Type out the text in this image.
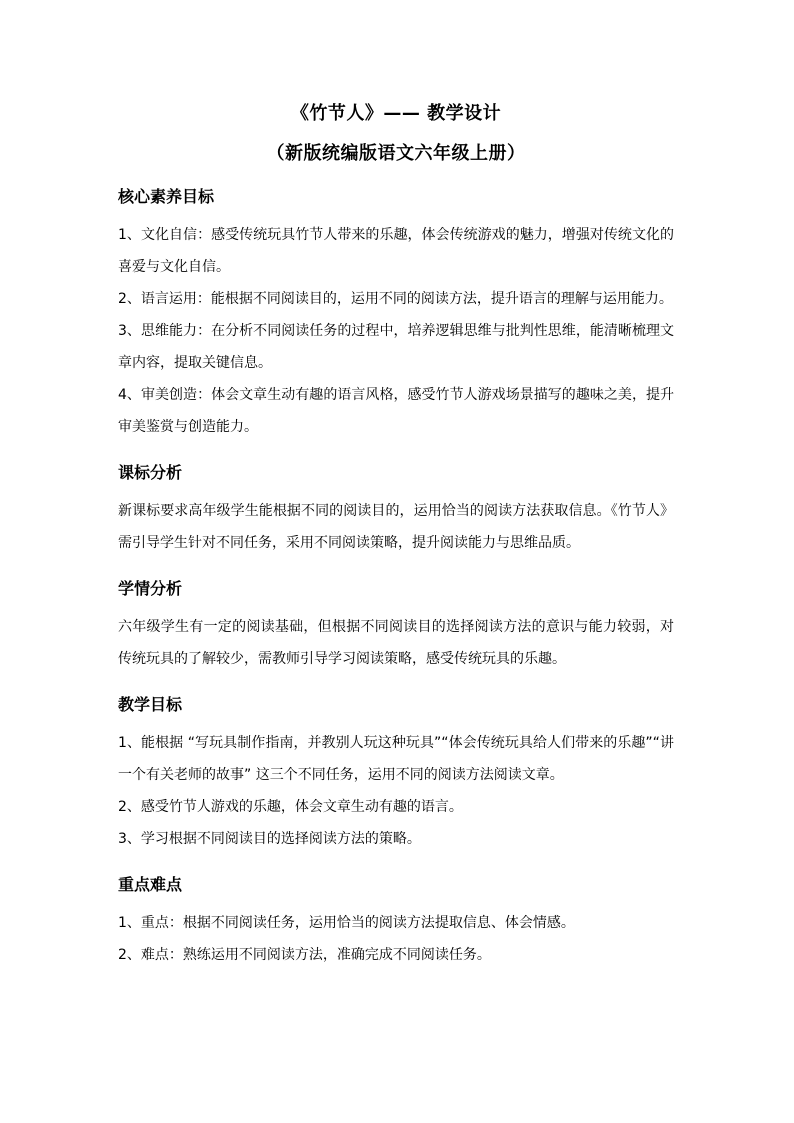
《竹节人》—— 教学设计
（新版统编版语文六年级上册）
核心素养目标

1、文化自信：感受传统玩具竹节人带来的乐趣，体会传统游戏的魅力，增强对传统文化的喜爱与文化自信。

2、语言运用：能根据不同阅读目的，运用不同的阅读方法，提升语言的理解与运用能力。

3、思维能力：在分析不同阅读任务的过程中，培养逻辑思维与批判性思维，能清晰梳理文章内容，提取关键信息。

4、审美创造：体会文章生动有趣的语言风格，感受竹节人游戏场景描写的趣味之美，提升审美鉴赏与创造能力。

课标分析

新课标要求高年级学生能根据不同的阅读目的，运用恰当的阅读方法获取信息。《竹节人》需引导学生针对不同任务，采用不同阅读策略，提升阅读能力与思维品质。

学情分析

六年级学生有一定的阅读基础，但根据不同阅读目的选择阅读方法的意识与能力较弱，对传统玩具的了解较少，需教师引导学习阅读策略，感受传统玩具的乐趣。

教学目标

1、能根据 “写玩具制作指南，并教别人玩这种玩具”“体会传统玩具给人们带来的乐趣”“讲一个有关老师的故事” 这三个不同任务，运用不同的阅读方法阅读文章。

2、感受竹节人游戏的乐趣，体会文章生动有趣的语言。

3、学习根据不同阅读目的选择阅读方法的策略。

重点难点

1、重点：根据不同阅读任务，运用恰当的阅读方法提取信息、体会情感。

2、难点：熟练运用不同阅读方法，准确完成不同阅读任务。
